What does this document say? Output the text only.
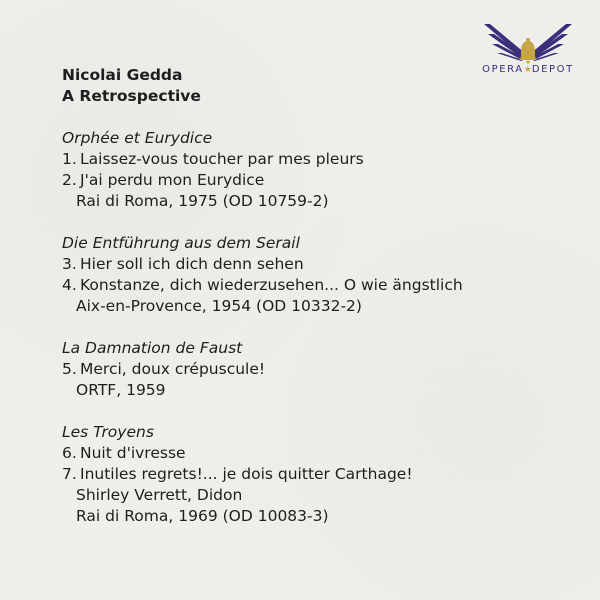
OPERA★DEPOT
Nicolai Gedda
A Retrospective
Orphée et Eurydice
1. Laissez-vous toucher par mes pleurs
2. J'ai perdu mon Eurydice
Rai di Roma, 1975 (OD 10759-2)
Die Entführung aus dem Serail
3. Hier soll ich dich denn sehen
4. Konstanze, dich wiederzusehen... O wie ängstlich
Aix-en-Provence, 1954 (OD 10332-2)
La Damnation de Faust
5. Merci, doux crépuscule!
ORTF, 1959
Les Troyens
6. Nuit d'ivresse
7. Inutiles regrets!... je dois quitter Carthage!
Shirley Verrett, Didon
Rai di Roma, 1969 (OD 10083-3)
